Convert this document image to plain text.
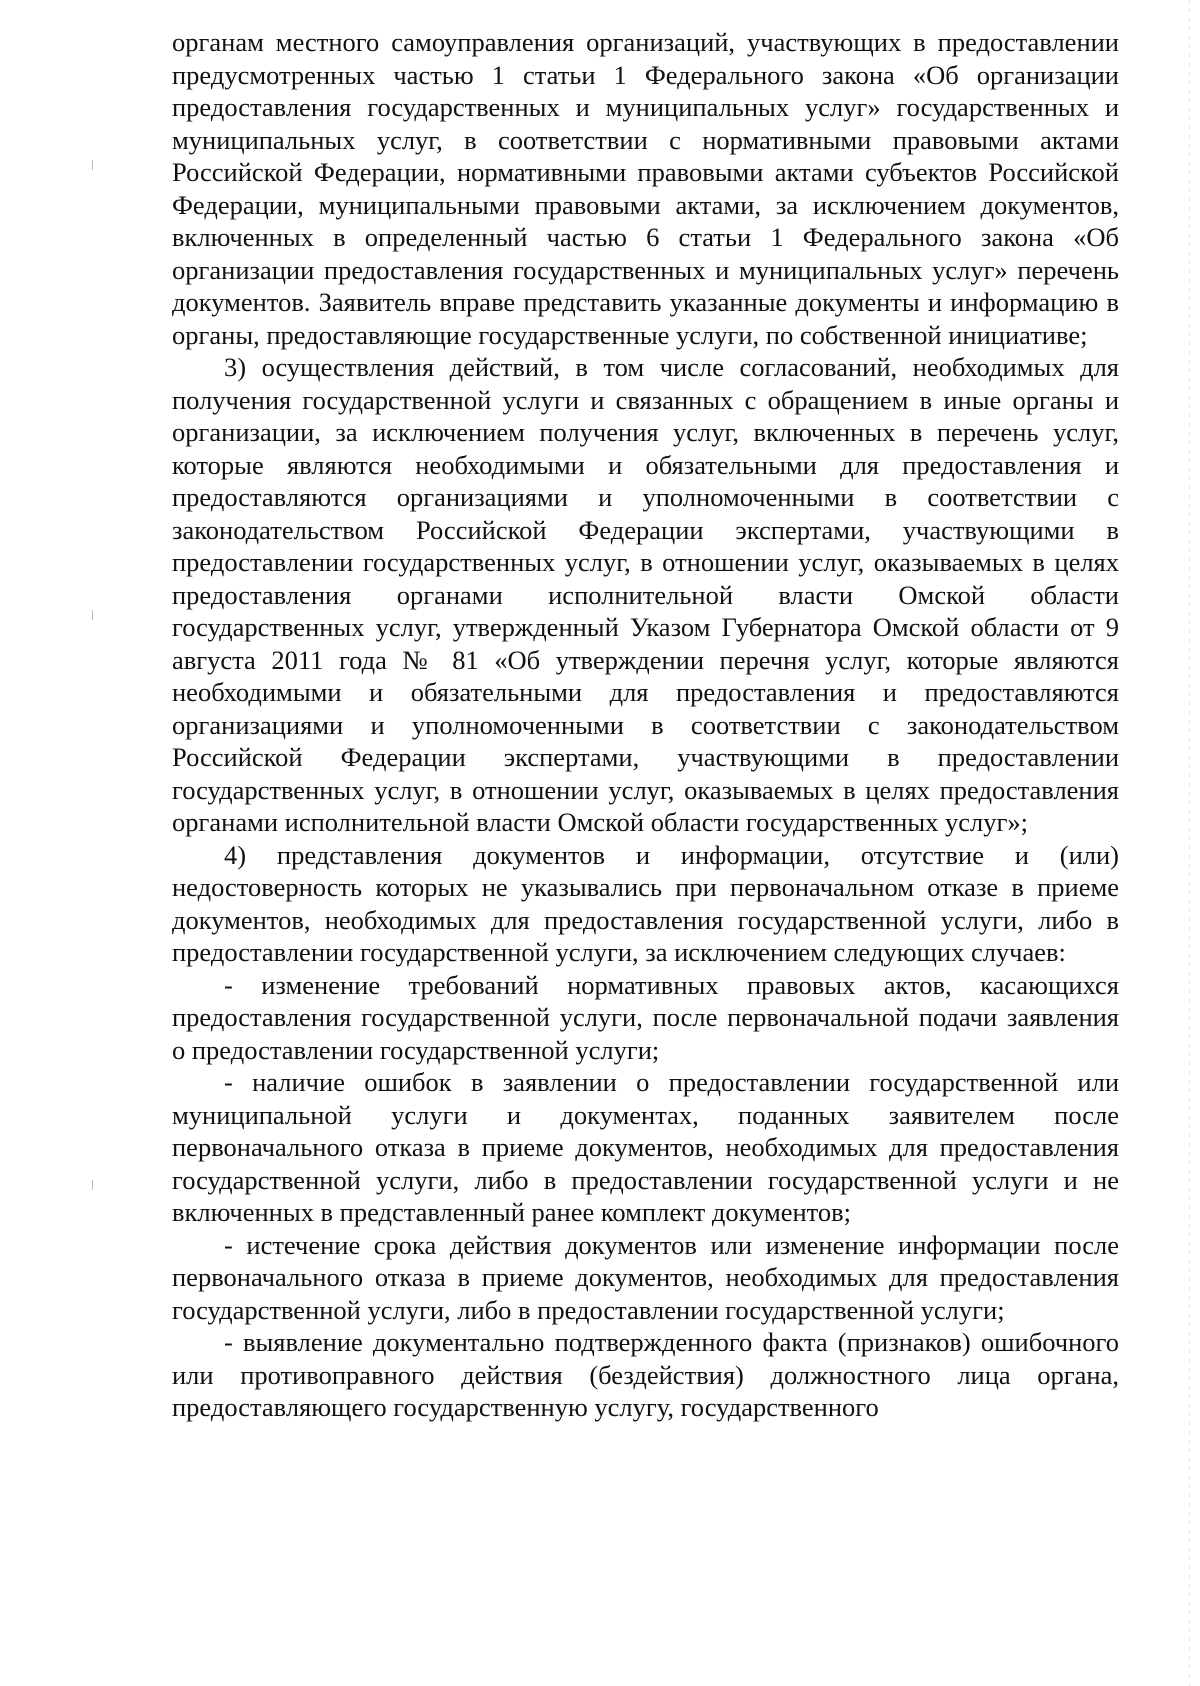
органам местного самоуправления организаций, участвующих в предоставлении предусмотренных частью 1 статьи 1 Федерального закона «Об организации предоставления государственных и муниципальных услуг» государственных и муниципальных услуг, в соответствии с нормативными правовыми актами Российской Федерации, нормативными правовыми актами субъектов Российской Федерации, муниципальными правовыми актами, за исключением документов, включенных в определенный частью 6 статьи 1 Федерального закона «Об организации предоставления государственных и муниципальных услуг» перечень документов. Заявитель вправе представить указанные документы и информацию в органы, предоставляющие государственные услуги, по собственной инициативе;

3) осуществления действий, в том числе согласований, необходимых для получения государственной услуги и связанных с обращением в иные органы и организации, за исключением получения услуг, включенных в перечень услуг, которые являются необходимыми и обязательными для предоставления и предоставляются организациями и уполномоченными в соответствии с законодательством Российской Федерации экспертами, участвующими в предоставлении государственных услуг, в отношении услуг, оказываемых в целях предоставления органами исполнительной власти Омской области государственных услуг, утвержденный Указом Губернатора Омской области от 9 августа 2011 года № 81 «Об утверждении перечня услуг, которые являются необходимыми и обязательными для предоставления и предоставляются организациями и уполномоченными в соответствии с законодательством Российской Федерации экспертами, участвующими в предоставлении государственных услуг, в отношении услуг, оказываемых в целях предоставления органами исполнительной власти Омской области государственных услуг»;

4) представления документов и информации, отсутствие и (или) недостоверность которых не указывались при первоначальном отказе в приеме документов, необходимых для предоставления государственной услуги, либо в предоставлении государственной услуги, за исключением следующих случаев:

- изменение требований нормативных правовых актов, касающихся предоставления государственной услуги, после первоначальной подачи заявления о предоставлении государственной услуги;

- наличие ошибок в заявлении о предоставлении государственной или муниципальной услуги и документах, поданных заявителем после первоначального отказа в приеме документов, необходимых для предоставления государственной услуги, либо в предоставлении государственной услуги и не включенных в представленный ранее комплект документов;

- истечение срока действия документов или изменение информации после первоначального отказа в приеме документов, необходимых для предоставления государственной услуги, либо в предоставлении государственной услуги;

- выявление документально подтвержденного факта (признаков) ошибочного или противоправного действия (бездействия) должностного лица органа, предоставляющего государственную услугу, государственного
